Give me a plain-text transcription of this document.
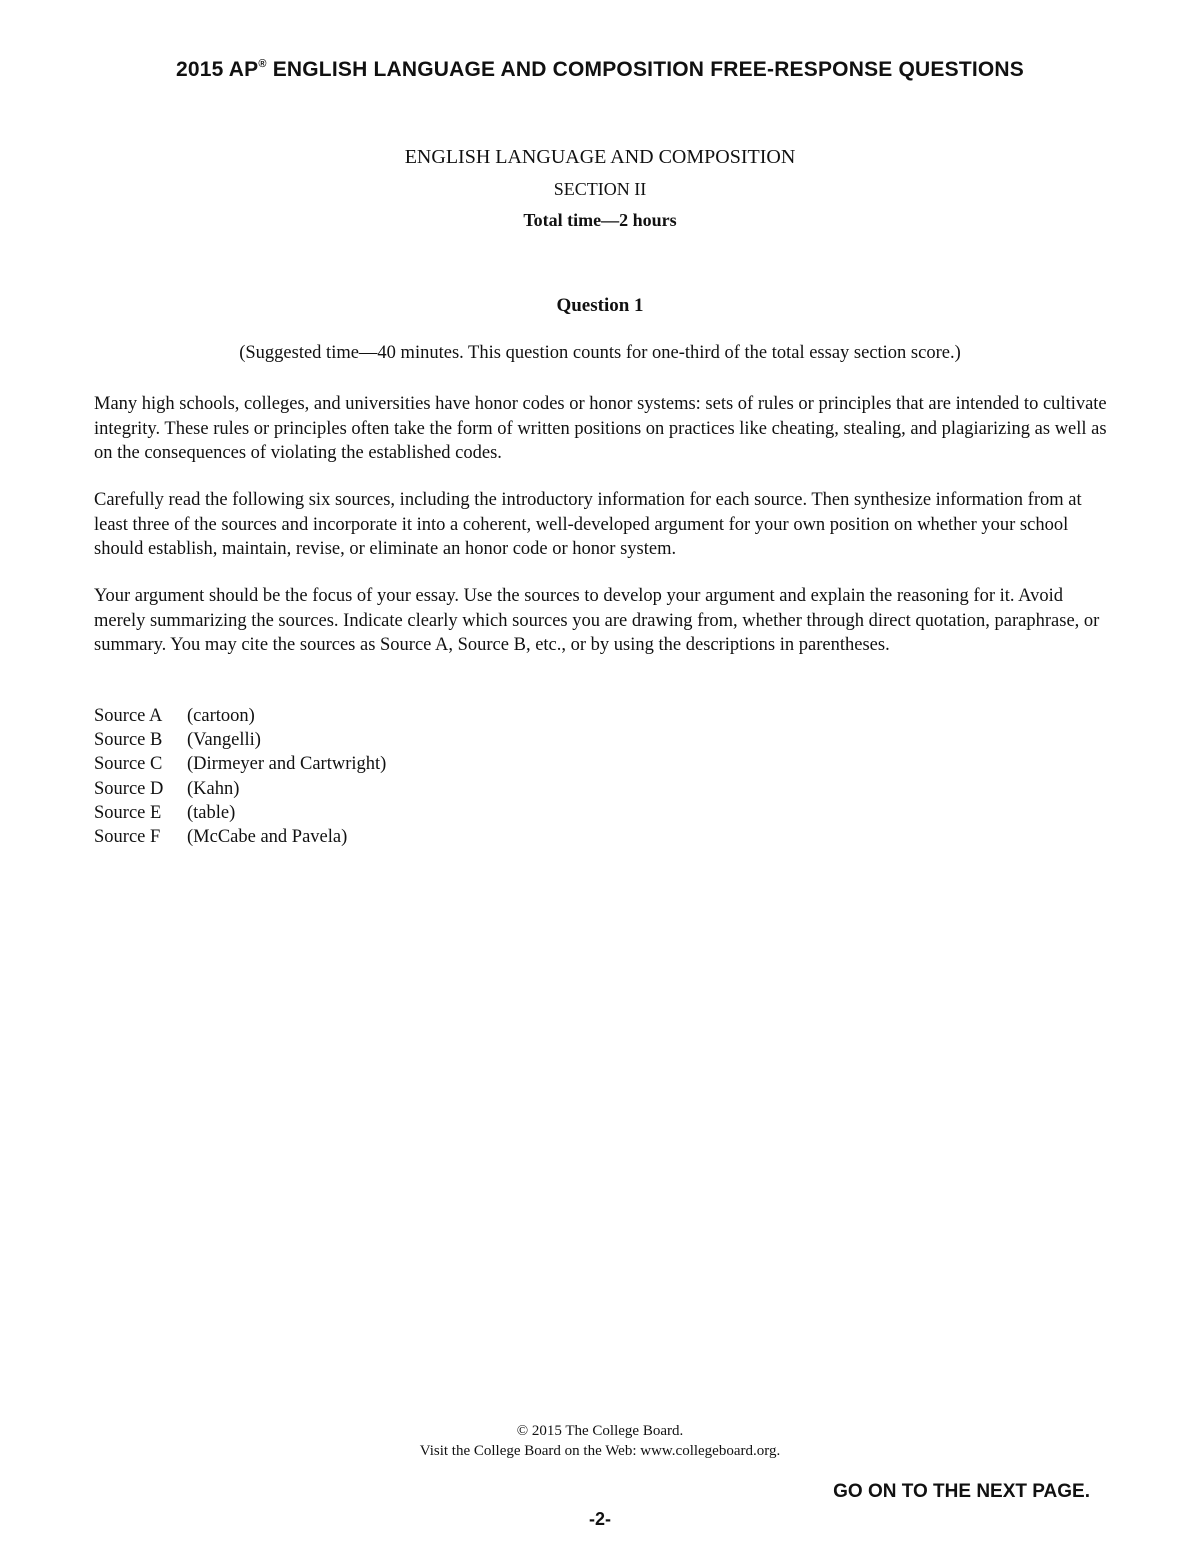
2015 AP® ENGLISH LANGUAGE AND COMPOSITION FREE-RESPONSE QUESTIONS
ENGLISH LANGUAGE AND COMPOSITION
SECTION II
Total time—2 hours
Question 1
(Suggested time—40 minutes. This question counts for one-third of the total essay section score.)

Many high schools, colleges, and universities have honor codes or honor systems: sets of rules or principles that are intended to cultivate integrity. These rules or principles often take the form of written positions on practices like cheating, stealing, and plagiarizing as well as on the consequences of violating the established codes.

Carefully read the following six sources, including the introductory information for each source. Then synthesize information from at least three of the sources and incorporate it into a coherent, well-developed argument for your own position on whether your school should establish, maintain, revise, or eliminate an honor code or honor system.

Your argument should be the focus of your essay. Use the sources to develop your argument and explain the reasoning for it. Avoid merely summarizing the sources. Indicate clearly which sources you are drawing from, whether through direct quotation, paraphrase, or summary. You may cite the sources as Source A, Source B, etc., or by using the descriptions in parentheses.

Source A	(cartoon)
Source B	(Vangelli)
Source C	(Dirmeyer and Cartwright)
Source D	(Kahn)
Source E	(table)
Source F	(McCabe and Pavela)
© 2015 The College Board.
Visit the College Board on the Web: www.collegeboard.org.
GO ON TO THE NEXT PAGE.
-2-
